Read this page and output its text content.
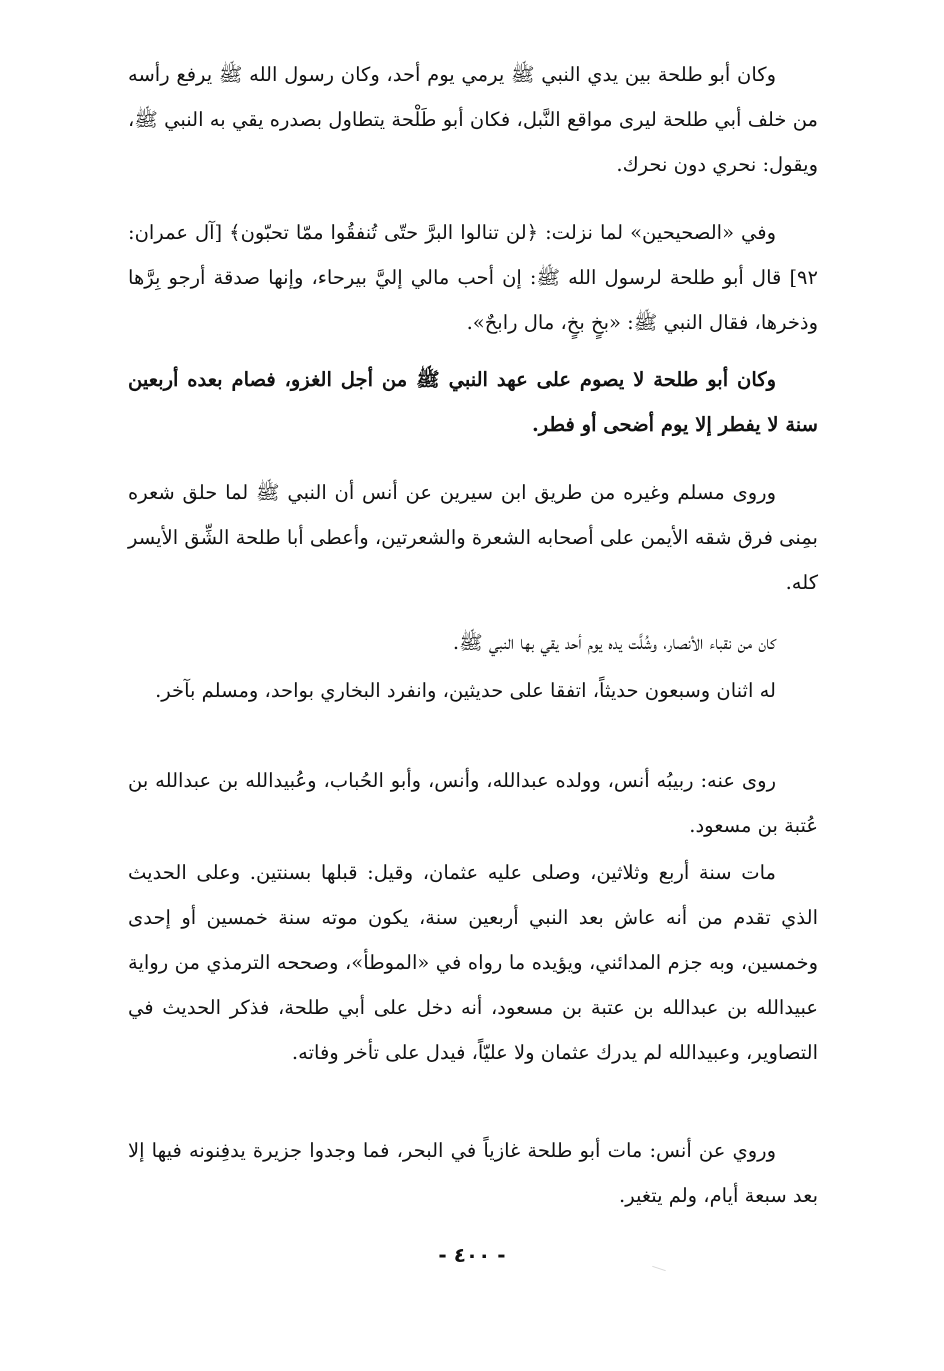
وكان أبو طلحة بين يدي النبي ﷺ يرمي يوم أحد، وكان رسول الله ﷺ يرفع رأسه من خلف أبي طلحة ليرى مواقع النَّبل، فكان أبو طَلْحة يتطاول بصدره يقي به النبي ﷺ، ويقول: نحري دون نحرك.

وفي «الصحيحين» لما نزلت: ﴿لن تنالوا البرَّ حتّى تُنفقُوا ممّا تحبّون﴾ [آل عمران: ٩٢] قال أبو طلحة لرسول الله ﷺ: إن أحب مالي إليَّ بيرحاء، وإنها صدقة أرجو بِرَّها وذخرها، فقال النبي ﷺ: «بخٍ بخٍ، مال رابحٌ».

وكان أبو طلحة لا يصوم على عهد النبي ﷺ من أجل الغزو، فصام بعده أربعين سنة لا يفطر إلا يوم أضحى أو فطر.

وروى مسلم وغيره من طريق ابن سيرين عن أنس أن النبي ﷺ لما حلق شعره بمِنى فرق شقه الأيمن على أصحابه الشعرة والشعرتين، وأعطى أبا طلحة الشِّق الأيسر كله.

كان من نقباء الأنصار، وشُلَّت يده يوم أحد يقي بها النبي ﷺ.

له اثنان وسبعون حديثاً، اتفقا على حديثين، وانفرد البخاري بواحد، ومسلم بآخر.

روى عنه: ربيبُه أنس، وولده عبدالله، وأنس، وأبو الحُباب، وعُبيدالله بن عبدالله بن عُتبة بن مسعود.

مات سنة أربع وثلاثين، وصلى عليه عثمان، وقيل: قبلها بسنتين. وعلى الحديث الذي تقدم من أنه عاش بعد النبي أربعين سنة، يكون موته سنة خمسين أو إحدى وخمسين، وبه جزم المدائني، ويؤيده ما رواه في «الموطأ»، وصححه الترمذي من رواية عبيدالله بن عبدالله بن عتبة بن مسعود، أنه دخل على أبي طلحة، فذكر الحديث في التصاوير، وعبيدالله لم يدرك عثمان ولا عليّاً، فيدل على تأخر وفاته.

وروي عن أنس: مات أبو طلحة غازياً في البحر، فما وجدوا جزيرة يدفِنونه فيها إلا بعد سبعة أيام، ولم يتغير.

- ٤٠٠ -
